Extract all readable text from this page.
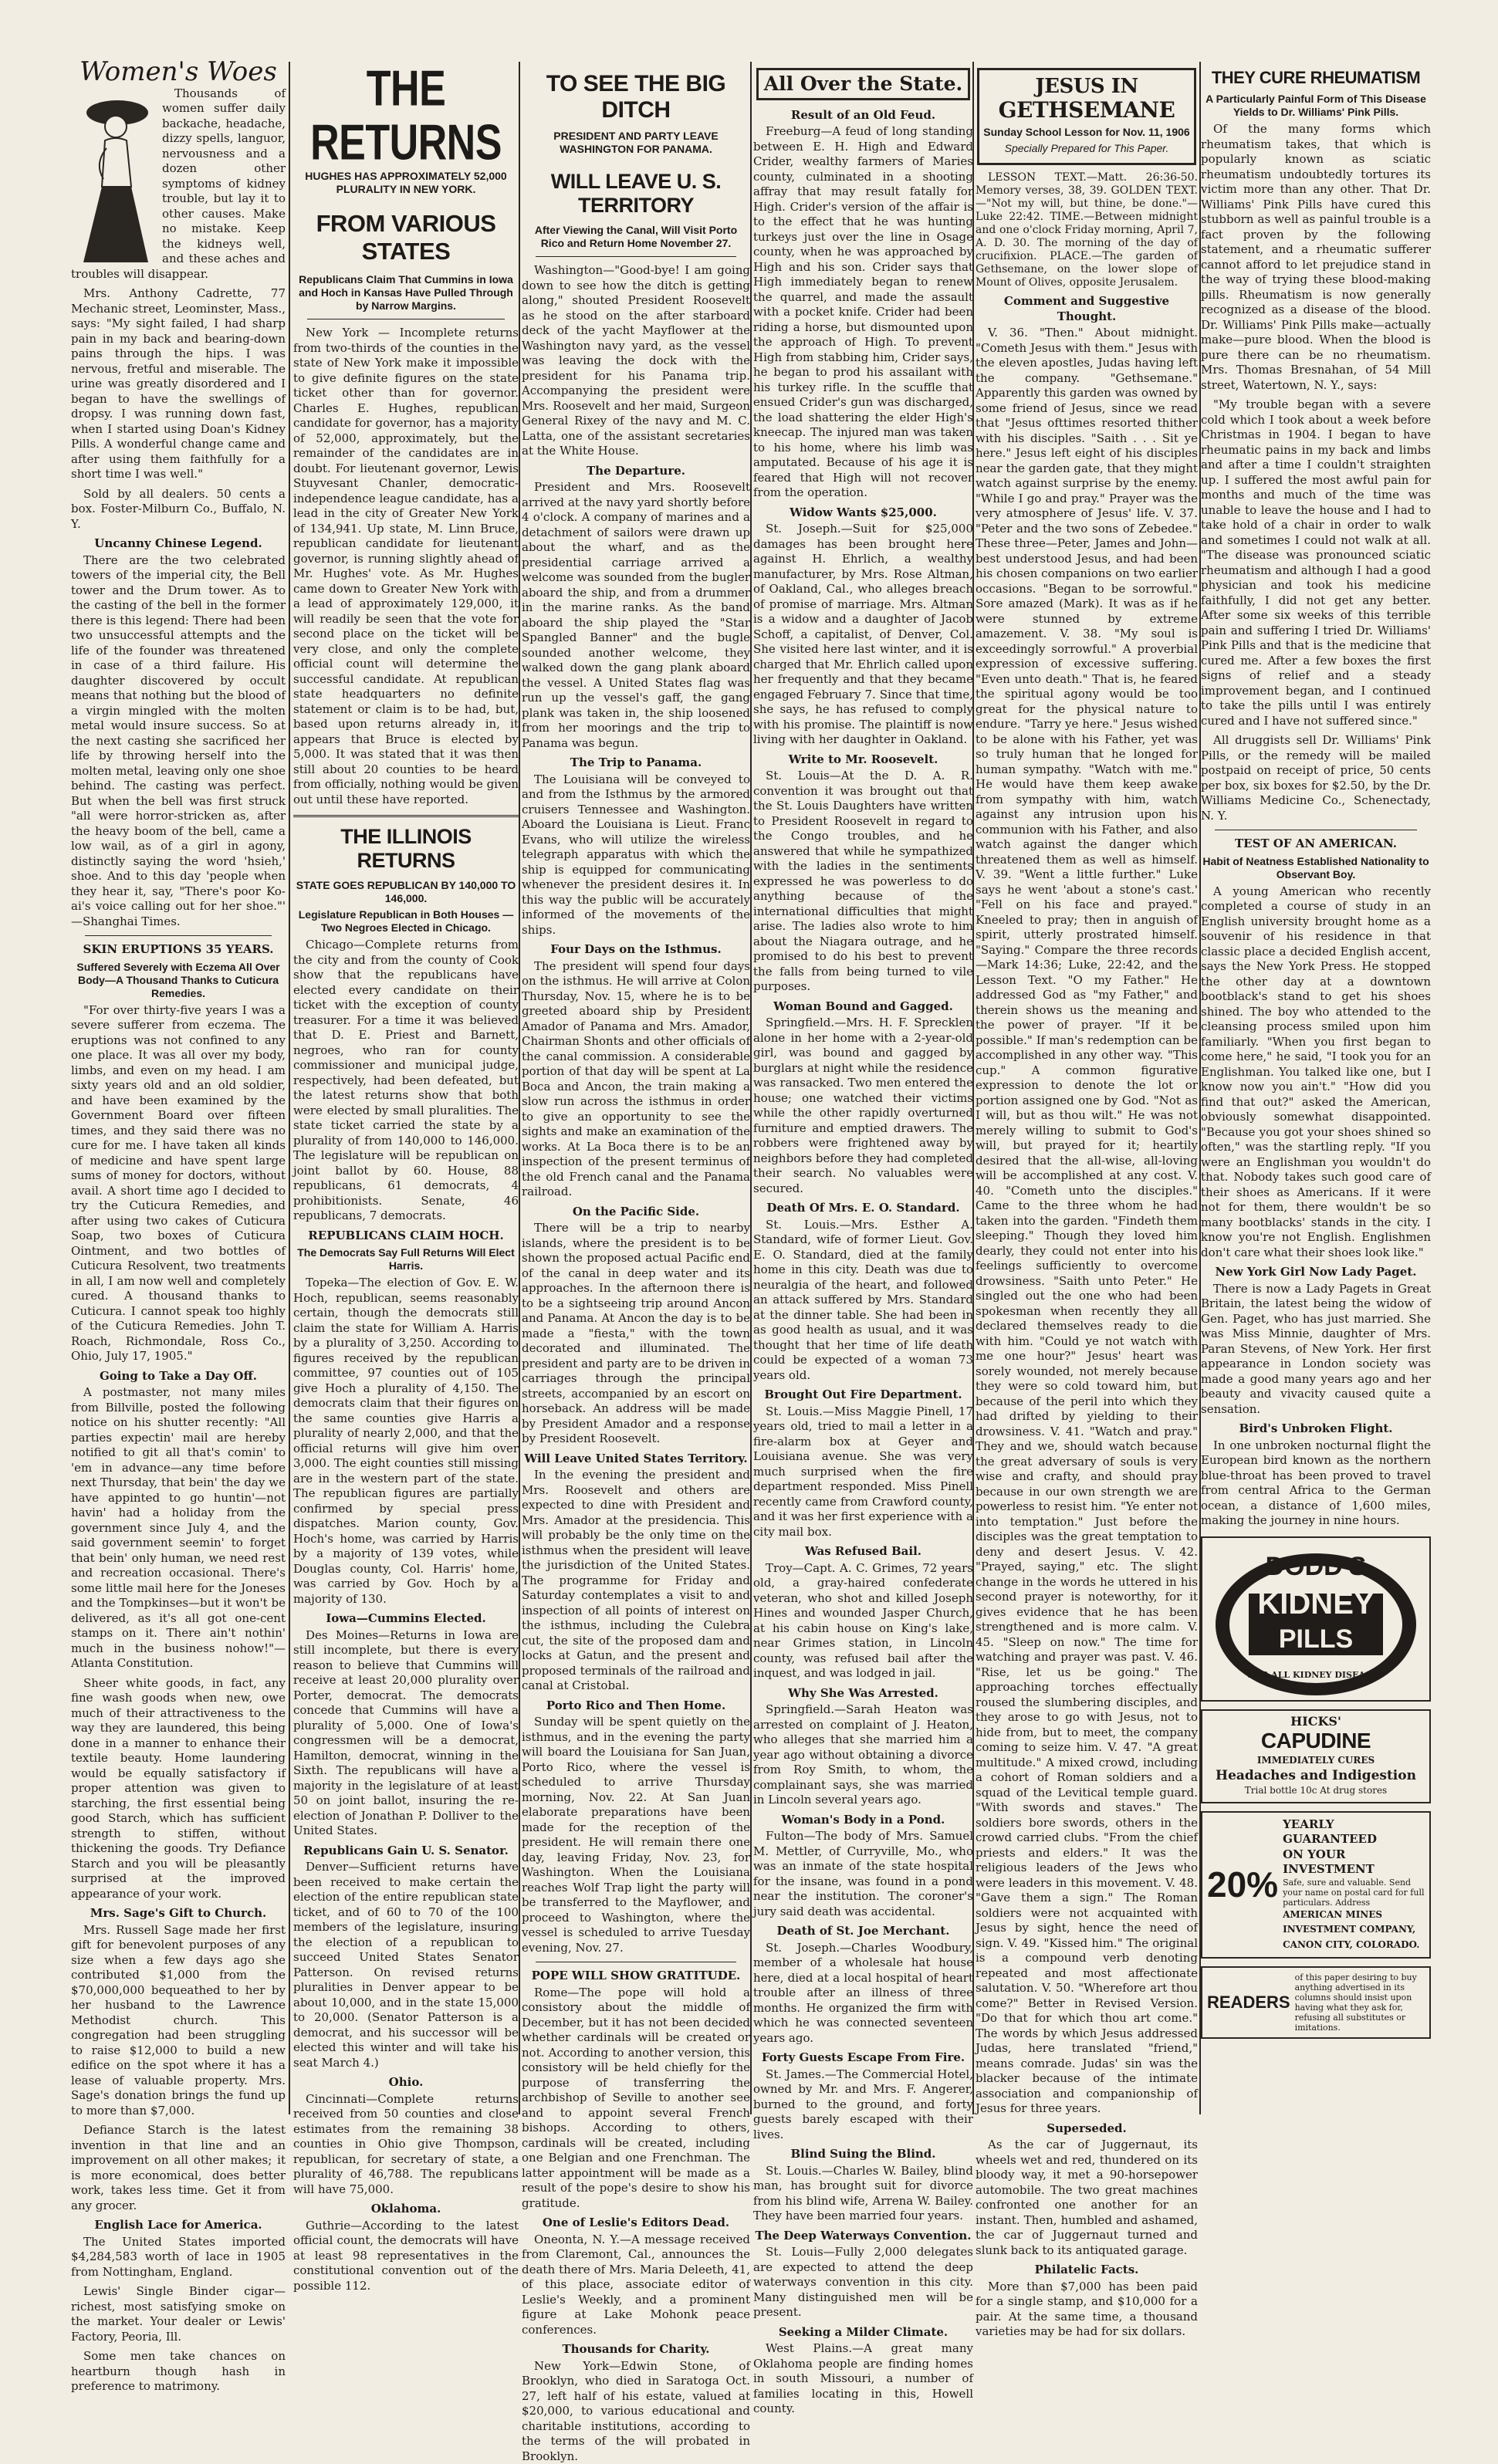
Women's Woes

Thousands of women suffer daily backache, headache, dizzy spells, languor, nervousness and a dozen other symptoms of kidney trouble, but lay it to other causes. Make no mistake. Keep the kidneys well, and these aches and troubles will disappear.

Mrs. Anthony Cadrette, 77 Mechanic street, Leominster, Mass., says: "My sight failed, I had sharp pain in my back and bearing-down pains through the hips. I was nervous, fretful and miserable. The urine was greatly disordered and I began to have the swellings of dropsy. I was running down fast, when I started using Doan's Kidney Pills. A wonderful change came and after using them faithfully for a short time I was well."

Sold by all dealers. 50 cents a box. Foster-Milburn Co., Buffalo, N. Y.

Uncanny Chinese Legend.

There are the two celebrated towers of the imperial city, the Bell tower and the Drum tower. As to the casting of the bell in the former there is this legend: There had been two unsuccessful attempts and the life of the founder was threatened in case of a third failure. His daughter discovered by occult means that nothing but the blood of a virgin mingled with the molten metal would insure success. So at the next casting she sacrificed her life by throwing herself into the molten metal, leaving only one shoe behind. The casting was perfect. But when the bell was first struck "all were horror-stricken as, after the heavy boom of the bell, came a low wail, as of a girl in agony, distinctly saying the word 'hsieh,' shoe. And to this day 'people when they hear it, say, "There's poor Ko-ai's voice calling out for her shoe."' —Shanghai Times.

SKIN ERUPTIONS 35 YEARS.
Suffered Severely with Eczema All Over Body—A Thousand Thanks to Cuticura Remedies.

"For over thirty-five years I was a severe sufferer from eczema. The eruptions was not confined to any one place. It was all over my body, limbs, and even on my head. I am sixty years old and an old soldier, and have been examined by the Government Board over fifteen times, and they said there was no cure for me. I have taken all kinds of medicine and have spent large sums of money for doctors, without avail. A short time ago I decided to try the Cuticura Remedies, and after using two cakes of Cuticura Soap, two boxes of Cuticura Ointment, and two bottles of Cuticura Resolvent, two treatments in all, I am now well and completely cured. A thousand thanks to Cuticura. I cannot speak too highly of the Cuticura Remedies. John T. Roach, Richmondale, Ross Co., Ohio, July 17, 1905."

Going to Take a Day Off.

A postmaster, not many miles from Billville, posted the following notice on his shutter recently: "All parties expectin' mail are hereby notified to git all that's comin' to 'em in advance—any time before next Thursday, that bein' the day we have appinted to go huntin'—not havin' had a holiday from the government since July 4, and the said government seemin' to forget that bein' only human, we need rest and recreation occasional. There's some little mail here for the Joneses and the Tompkinses—but it won't be delivered, as it's all got one-cent stamps on it. There ain't nothin' much in the business nohow!"—Atlanta Constitution.

Sheer white goods, in fact, any fine wash goods when new, owe much of their attractiveness to the way they are laundered, this being done in a manner to enhance their textile beauty. Home laundering would be equally satisfactory if proper attention was given to starching, the first essential being good Starch, which has sufficient strength to stiffen, without thickening the goods. Try Defiance Starch and you will be pleasantly surprised at the improved appearance of your work.

Mrs. Sage's Gift to Church.

Mrs. Russell Sage made her first gift for benevolent purposes of any size when a few days ago she contributed $1,000 from the $70,000,000 bequeathed to her by her husband to the Lawrence Methodist church. This congregation had been struggling to raise $12,000 to build a new edifice on the spot where it has a lease of valuable property. Mrs. Sage's donation brings the fund up to more than $7,000.

Defiance Starch is the latest invention in that line and an improvement on all other makes; it is more economical, does better work, takes less time. Get it from any grocer.

English Lace for America.

The United States imported $4,284,583 worth of lace in 1905 from Nottingham, England.

Lewis' Single Binder cigar—richest, most satisfying smoke on the market. Your dealer or Lewis' Factory, Peoria, Ill.

Some men take chances on heartburn though hash in preference to matrimony.

THE RETURNS
HUGHES HAS APPROXIMATELY 52,000 PLURALITY IN NEW YORK.
FROM VARIOUS STATES
Republicans Claim That Cummins in Iowa and Hoch in Kansas Have Pulled Through by Narrow Margins.

New York — Incomplete returns from two-thirds of the counties in the state of New York make it impossible to give definite figures on the state ticket other than for governor. Charles E. Hughes, republican candidate for governor, has a majority of 52,000, approximately, but the remainder of the candidates are in doubt. For lieutenant governor, Lewis Stuyvesant Chanler, democratic-independence league candidate, has a lead in the city of Greater New York of 134,941. Up state, M. Linn Bruce, republican candidate for lieutenant governor, is running slightly ahead of Mr. Hughes' vote. As Mr. Hughes came down to Greater New York with a lead of approximately 129,000, it will readily be seen that the vote for second place on the ticket will be very close, and only the complete official count will determine the successful candidate. At republican state headquarters no definite statement or claim is to be had, but, based upon returns already in, it appears that Bruce is elected by 5,000. It was stated that it was then still about 20 counties to be heard from officially, nothing would be given out until these have reported.

THE ILLINOIS RETURNS
STATE GOES REPUBLICAN BY 140,000 TO 146,000.
Legislature Republican in Both Houses —Two Negroes Elected in Chicago.

Chicago—Complete returns from the city and from the county of Cook show that the republicans have elected every candidate on their ticket with the exception of county treasurer. For a time it was believed that D. E. Priest and Barnett, negroes, who ran for county commissioner and municipal judge, respectively, had been defeated, but the latest returns show that both were elected by small pluralities. The state ticket carried the state by a plurality of from 140,000 to 146,000. The legislature will be republican on joint ballot by 60. House, 88 republicans, 61 democrats, 4 prohibitionists. Senate, 46 republicans, 7 democrats.

REPUBLICANS CLAIM HOCH.
The Democrats Say Full Returns Will Elect Harris.

Topeka—The election of Gov. E. W. Hoch, republican, seems reasonably certain, though the democrats still claim the state for William A. Harris by a plurality of 3,250. According to figures received by the republican committee, 97 counties out of 105 give Hoch a plurality of 4,150. The democrats claim that their figures on the same counties give Harris a plurality of nearly 2,000, and that the official returns will give him over 3,000. The eight counties still missing are in the western part of the state. The republican figures are partially confirmed by special press dispatches. Marion county, Gov. Hoch's home, was carried by Harris by a majority of 139 votes, while Douglas county, Col. Harris' home, was carried by Gov. Hoch by a majority of 130.

Iowa—Cummins Elected.

Des Moines—Returns in Iowa are still incomplete, but there is every reason to believe that Cummins will receive at least 20,000 plurality over Porter, democrat. The democrats concede that Cummins will have a plurality of 5,000. One of Iowa's congressmen will be a democrat, Hamilton, democrat, winning in the Sixth. The republicans will have a majority in the legislature of at least 50 on joint ballot, insuring the re-election of Jonathan P. Dolliver to the United States.

Republicans Gain U. S. Senator.

Denver—Sufficient returns have been received to make certain the election of the entire republican state ticket, and of 60 to 70 of the 100 members of the legislature, insuring the election of a republican to succeed United States Senator Patterson. On revised returns pluralities in Denver appear to be about 10,000, and in the state 15,000 to 20,000. (Senator Patterson is a democrat, and his successor will be elected this winter and will take his seat March 4.)

Ohio.

Cincinnati—Complete returns received from 50 counties and close estimates from the remaining 38 counties in Ohio give Thompson, republican, for secretary of state, a plurality of 46,788. The republicans will have 75,000.

Oklahoma.

Guthrie—According to the latest official count, the democrats will have at least 98 representatives in the constitutional convention out of the possible 112.

TO SEE THE BIG DITCH
PRESIDENT AND PARTY LEAVE WASHINGTON FOR PANAMA.
WILL LEAVE U. S. TERRITORY
After Viewing the Canal, Will Visit Porto Rico and Return Home November 27.

Washington—"Good-bye! I am going down to see how the ditch is getting along," shouted President Roosevelt as he stood on the after starboard deck of the yacht Mayflower at the Washington navy yard, as the vessel was leaving the dock with the president for his Panama trip. Accompanying the president were Mrs. Roosevelt and her maid, Surgeon General Rixey of the navy and M. C. Latta, one of the assistant secretaries at the White House.

The Departure.

President and Mrs. Roosevelt arrived at the navy yard shortly before 4 o'clock. A company of marines and a detachment of sailors were drawn up about the wharf, and as the presidential carriage arrived a welcome was sounded from the bugler aboard the ship, and from a drummer in the marine ranks. As the band aboard the ship played the "Star Spangled Banner" and the bugle sounded another welcome, they walked down the gang plank aboard the vessel. A United States flag was run up the vessel's gaff, the gang plank was taken in, the ship loosened from her moorings and the trip to Panama was begun.

The Trip to Panama.

The Louisiana will be conveyed to and from the Isthmus by the armored cruisers Tennessee and Washington. Aboard the Louisiana is Lieut. Franc Evans, who will utilize the wireless telegraph apparatus with which the ship is equipped for communicating whenever the president desires it. In this way the public will be accurately informed of the movements of the ships.

Four Days on the Isthmus.

The president will spend four days on the isthmus. He will arrive at Colon Thursday, Nov. 15, where he is to be greeted aboard ship by President Amador of Panama and Mrs. Amador, Chairman Shonts and other officials of the canal commission. A considerable portion of that day will be spent at La Boca and Ancon, the train making a slow run across the isthmus in order to give an opportunity to see the sights and make an examination of the works. At La Boca there is to be an inspection of the present terminus of the old French canal and the Panama railroad.

On the Pacific Side.

There will be a trip to nearby islands, where the president is to be shown the proposed actual Pacific end of the canal in deep water and its approaches. In the afternoon there is to be a sightseeing trip around Ancon and Panama. At Ancon the day is to be made a "fiesta," with the town decorated and illuminated. The president and party are to be driven in carriages through the principal streets, accompanied by an escort on horseback. An address will be made by President Amador and a response by President Roosevelt.

Will Leave United States Territory.

In the evening the president and Mrs. Roosevelt and others are expected to dine with President and Mrs. Amador at the presidencia. This will probably be the only time on the isthmus when the president will leave the jurisdiction of the United States. The programme for Friday and Saturday contemplates a visit to and inspection of all points of interest on the isthmus, including the Culebra cut, the site of the proposed dam and locks at Gatun, and the present and proposed terminals of the railroad and canal at Cristobal.

Porto Rico and Then Home.

Sunday will be spent quietly on the isthmus, and in the evening the party will board the Louisiana for San Juan, Porto Rico, where the vessel is scheduled to arrive Thursday morning, Nov. 22. At San Juan elaborate preparations have been made for the reception of the president. He will remain there one day, leaving Friday, Nov. 23, for Washington. When the Louisiana reaches Wolf Trap light the party will be transferred to the Mayflower, and proceed to Washington, where the vessel is scheduled to arrive Tuesday evening, Nov. 27.

POPE WILL SHOW GRATITUDE.

Rome—The pope will hold a consistory about the middle of December, but it has not been decided whether cardinals will be created or not. According to another version, this consistory will be held chiefly for the purpose of transferring the archbishop of Seville to another see and to appoint several French bishops. According to others, cardinals will be created, including one Belgian and one Frenchman. The latter appointment will be made as a result of the pope's desire to show his gratitude.

One of Leslie's Editors Dead.

Oneonta, N. Y.—A message received from Claremont, Cal., announces the death there of Mrs. Maria Deleeth, 41, of this place, associate editor of Leslie's Weekly, and a prominent figure at Lake Mohonk peace conferences.

Thousands for Charity.

New York—Edwin Stone, of Brooklyn, who died in Saratoga Oct. 27, left half of his estate, valued at $20,000, to various educational and charitable institutions, according to the terms of the will probated in Brooklyn.

All Over the State.
Result of an Old Feud.

Freeburg—A feud of long standing between E. H. High and Edward Crider, wealthy farmers of Maries county, culminated in a shooting affray that may result fatally for High. Crider's version of the affair is to the effect that he was hunting turkeys just over the line in Osage county, when he was approached by High and his son. Crider says that High immediately began to renew the quarrel, and made the assault with a pocket knife. Crider had been riding a horse, but dismounted upon the approach of High. To prevent High from stabbing him, Crider says, he began to prod his assailant with his turkey rifle. In the scuffle that ensued Crider's gun was discharged, the load shattering the elder High's kneecap. The injured man was taken to his home, where his limb was amputated. Because of his age it is feared that High will not recover from the operation.

Widow Wants $25,000.

St. Joseph.—Suit for $25,000 damages has been brought here against H. Ehrlich, a wealthy manufacturer, by Mrs. Rose Altman, of Oakland, Cal., who alleges breach of promise of marriage. Mrs. Altman is a widow and a daughter of Jacob Schoff, a capitalist, of Denver, Col. She visited here last winter, and it is charged that Mr. Ehrlich called upon her frequently and that they became engaged February 7. Since that time, she says, he has refused to comply with his promise. The plaintiff is now living with her daughter in Oakland.

Write to Mr. Roosevelt.

St. Louis—At the D. A. R. convention it was brought out that the St. Louis Daughters have written to President Roosevelt in regard to the Congo troubles, and he answered that while he sympathized with the ladies in the sentiments expressed he was powerless to do anything because of the international difficulties that might arise. The ladies also wrote to him about the Niagara outrage, and he promised to do his best to prevent the falls from being turned to vile purposes.

Woman Bound and Gagged.

Springfield.—Mrs. H. F. Sprecklen alone in her home with a 2-year-old girl, was bound and gagged by burglars at night while the residence was ransacked. Two men entered the house; one watched their victims while the other rapidly overturned furniture and emptied drawers. The robbers were frightened away by neighbors before they had completed their search. No valuables were secured.

Death Of Mrs. E. O. Standard.

St. Louis.—Mrs. Esther A. Standard, wife of former Lieut. Gov. E. O. Standard, died at the family home in this city. Death was due to neuralgia of the heart, and followed an attack suffered by Mrs. Standard at the dinner table. She had been in as good health as usual, and it was thought that her time of life death could be expected of a woman 73 years old.

Brought Out Fire Department.

St. Louis.—Miss Maggie Pinell, 17 years old, tried to mail a letter in a fire-alarm box at Geyer and Louisiana avenue. She was very much surprised when the fire department responded. Miss Pinell recently came from Crawford county, and it was her first experience with a city mail box.

Was Refused Bail.

Troy—Capt. A. C. Grimes, 72 years old, a gray-haired confederate veteran, who shot and killed Joseph Hines and wounded Jasper Church, at his cabin house on King's lake, near Grimes station, in Lincoln county, was refused bail after the inquest, and was lodged in jail.

Why She Was Arrested.

Springfield.—Sarah Heaton was arrested on complaint of J. Heaton, who alleges that she married him a year ago without obtaining a divorce from Roy Smith, to whom, the complainant says, she was married in Lincoln several years ago.

Woman's Body in a Pond.

Fulton—The body of Mrs. Samuel M. Mettler, of Curryville, Mo., who was an inmate of the state hospital for the insane, was found in a pond near the institution. The coroner's jury said death was accidental.

Death of St. Joe Merchant.

St. Joseph.—Charles Woodbury, member of a wholesale hat house here, died at a local hospital of heart trouble after an illness of three months. He organized the firm with which he was connected seventeen years ago.

Forty Guests Escape From Fire.

St. James.—The Commercial Hotel, owned by Mr. and Mrs. F. Angerer, burned to the ground, and forty guests barely escaped with their lives.

Blind Suing the Blind.

St. Louis.—Charles W. Bailey, blind man, has brought suit for divorce from his blind wife, Arrena W. Bailey. They have been married four years.

The Deep Waterways Convention.

St. Louis—Fully 2,000 delegates are expected to attend the deep waterways convention in this city. Many distinguished men will be present.

Seeking a Milder Climate.

West Plains.—A great many Oklahoma people are finding homes in south Missouri, a number of families locating in this, Howell county.

JESUS IN
GETHSEMANE
Sunday School Lesson for Nov. 11, 1906
Specially Prepared for This Paper.

LESSON TEXT.—Matt. 26:36-50. Memory verses, 38, 39. GOLDEN TEXT.—"Not my will, but thine, be done."—Luke 22:42. TIME.—Between midnight and one o'clock Friday morning, April 7, A. D. 30. The morning of the day of crucifixion. PLACE.—The garden of Gethsemane, on the lower slope of Mount of Olives, opposite Jerusalem.

Comment and Suggestive Thought.

V. 36. "Then." About midnight. "Cometh Jesus with them." Jesus with the eleven apostles, Judas having left the company. "Gethsemane." Apparently this garden was owned by some friend of Jesus, since we read that "Jesus ofttimes resorted thither with his disciples. "Saith . . . Sit ye here." Jesus left eight of his disciples near the garden gate, that they might watch against surprise by the enemy. "While I go and pray." Prayer was the very atmosphere of Jesus' life. V. 37. "Peter and the two sons of Zebedee." These three—Peter, James and John—best understood Jesus, and had been his chosen companions on two earlier occasions. "Began to be sorrowful." Sore amazed (Mark). It was as if he were stunned by extreme amazement. V. 38. "My soul is exceedingly sorrowful." A proverbial expression of excessive suffering. "Even unto death." That is, he feared the spiritual agony would be too great for the physical nature to endure. "Tarry ye here." Jesus wished to be alone with his Father, yet was so truly human that he longed for human sympathy. "Watch with me." He would have them keep awake from sympathy with him, watch against any intrusion upon his communion with his Father, and also watch against the danger which threatened them as well as himself. V. 39. "Went a little further." Luke says he went 'about a stone's cast.' "Fell on his face and prayed." Kneeled to pray; then in anguish of spirit, utterly prostrated himself. "Saying." Compare the three records—Mark 14:36; Luke, 22:42, and the Lesson Text. "O my Father." He addressed God as "my Father," and therein shows us the meaning and the power of prayer. "If it be possible." If man's redemption can be accomplished in any other way. "This cup." A common figurative expression to denote the lot or portion assigned one by God. "Not as I will, but as thou wilt." He was not merely willing to submit to God's will, but prayed for it; heartily desired that the all-wise, all-loving will be accomplished at any cost. V. 40. "Cometh unto the disciples." Came to the three whom he had taken into the garden. "Findeth them sleeping." Though they loved him dearly, they could not enter into his feelings sufficiently to overcome drowsiness. "Saith unto Peter." He singled out the one who had been spokesman when recently they all declared themselves ready to die with him. "Could ye not watch with me one hour?" Jesus' heart was sorely wounded, not merely because they were so cold toward him, but because of the peril into which they had drifted by yielding to their drowsiness. V. 41. "Watch and pray." They and we, should watch because the great adversary of souls is very wise and crafty, and should pray because in our own strength we are powerless to resist him. "Ye enter not into temptation." Just before the disciples was the great temptation to deny and desert Jesus. V. 42. "Prayed, saying," etc. The slight change in the words he uttered in his second prayer is noteworthy, for it gives evidence that he has been strengthened and is more calm. V. 45. "Sleep on now." The time for watching and prayer was past. V. 46. "Rise, let us be going." The approaching torches effectually roused the slumbering disciples, and they arose to go with Jesus, not to hide from, but to meet, the company coming to seize him. V. 47. "A great multitude." A mixed crowd, including a cohort of Roman soldiers and a squad of the Levitical temple guard. "With swords and staves." The soldiers bore swords, others in the crowd carried clubs. "From the chief priests and elders." It was the religious leaders of the Jews who were leaders in this movement. V. 48. "Gave them a sign." The Roman soldiers were not acquainted with Jesus by sight, hence the need of sign. V. 49. "Kissed him." The original is a compound verb denoting repeated and most affectionate salutation. V. 50. "Wherefore art thou come?" Better in Revised Version. "Do that for which thou art come." The words by which Jesus addressed Judas, here translated "friend," means comrade. Judas' sin was the blacker because of the intimate association and companionship of Jesus for three years.

Superseded.

As the car of Juggernaut, its wheels wet and red, thundered on its bloody way, it met a 90-horsepower automobile. The two great machines confronted one another for an instant. Then, humbled and ashamed, the car of Juggernaut turned and slunk back to its antiquated garage.

Philatelic Facts.

More than $7,000 has been paid for a single stamp, and $10,000 for a pair. At the same time, a thousand varieties may be had for six dollars.

THEY CURE RHEUMATISM
A Particularly Painful Form of This Disease Yields to Dr. Williams' Pink Pills.

Of the many forms which rheumatism takes, that which is popularly known as sciatic rheumatism undoubtedly tortures its victim more than any other. That Dr. Williams' Pink Pills have cured this stubborn as well as painful trouble is a fact proven by the following statement, and a rheumatic sufferer cannot afford to let prejudice stand in the way of trying these blood-making pills. Rheumatism is now generally recognized as a disease of the blood. Dr. Williams' Pink Pills make—actually make—pure blood. When the blood is pure there can be no rheumatism. Mrs. Thomas Bresnahan, of 54 Mill street, Watertown, N. Y., says:

"My trouble began with a severe cold which I took about a week before Christmas in 1904. I began to have rheumatic pains in my back and limbs and after a time I couldn't straighten up. I suffered the most awful pain for months and much of the time was unable to leave the house and I had to take hold of a chair in order to walk and sometimes I could not walk at all. "The disease was pronounced sciatic rheumatism and although I had a good physician and took his medicine faithfully, I did not get any better. After some six weeks of this terrible pain and suffering I tried Dr. Williams' Pink Pills and that is the medicine that cured me. After a few boxes the first signs of relief and a steady improvement began, and I continued to take the pills until I was entirely cured and I have not suffered since."

All druggists sell Dr. Williams' Pink Pills, or the remedy will be mailed postpaid on receipt of price, 50 cents per box, six boxes for $2.50, by the Dr. Williams Medicine Co., Schenectady, N. Y.

TEST OF AN AMERICAN.
Habit of Neatness Established Nationality to Observant Boy.

A young American who recently completed a course of study in an English university brought home as a souvenir of his residence in that classic place a decided English accent, says the New York Press. He stopped the other day at a downtown bootblack's stand to get his shoes shined. The boy who attended to the cleansing process smiled upon him familiarly. "When you first began to come here," he said, "I took you for an Englishman. You talked like one, but I know now you ain't." "How did you find that out?" asked the American, obviously somewhat disappointed. "Because you got your shoes shined so often," was the startling reply. "If you were an Englishman you wouldn't do that. Nobody takes such good care of their shoes as Americans. If it were not for them, there wouldn't be so many bootblacks' stands in the city. I know you're not English. Englishmen don't care what their shoes look like."

New York Girl Now Lady Paget.

There is now a Lady Pagets in Great Britain, the latest being the widow of Gen. Paget, who has just married. She was Miss Minnie, daughter of Mrs. Paran Stevens, of New York. Her first appearance in London society was made a good many years ago and her beauty and vivacity caused quite a sensation.

Bird's Unbroken Flight.

In one unbroken nocturnal flight the European bird known as the northern blue-throat has been proved to travel from central Africa to the German ocean, a distance of 1,600 miles, making the journey in nine hours.

DODD'S
KIDNEY
PILLS
FOR ALL KIDNEY DISEASES
HICKS'
CAPUDINE
IMMEDIATELY CURES
Headaches and Indigestion
Trial bottle 10c At drug stores
20%
YEARLY GUARANTEED
ON YOUR INVESTMENT
Safe, sure and valuable. Send your name on postal card for full particulars. Address
AMERICAN MINES INVESTMENT COMPANY,
CANON CITY, COLORADO.
READERS
of this paper desiring to buy anything advertised in its columns should insist upon having what they ask for, refusing all substitutes or imitations.
